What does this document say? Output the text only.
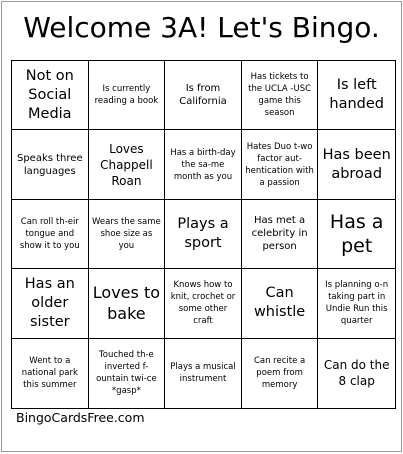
Welcome 3A! Let's Bingo.
Not on Social Media
Is currently reading a book
Is from California
Has tickets to the UCLA -USC game this season
Is left handed
Speaks three languages
Loves Chappell Roan
Has a birth-day the sa-me month as you
Hates Duo t-wo factor aut-hentication with a passion
Has been abroad
Can roll th-eir tongue and show it to you
Wears the same shoe size as you
Plays a sport
Has met a celebrity in person
Has a pet
Has an older sister
Loves to bake
Knows how to knit, crochet or some other craft
Can whistle
Is planning o-n taking part in Undie Run this quarter
Went to a national park this summer
Touched th-e inverted f-ountain twi-ce *gasp*
Plays a musical instrument
Can recite a poem from memory
Can do the 8 clap
BingoCardsFree.com
